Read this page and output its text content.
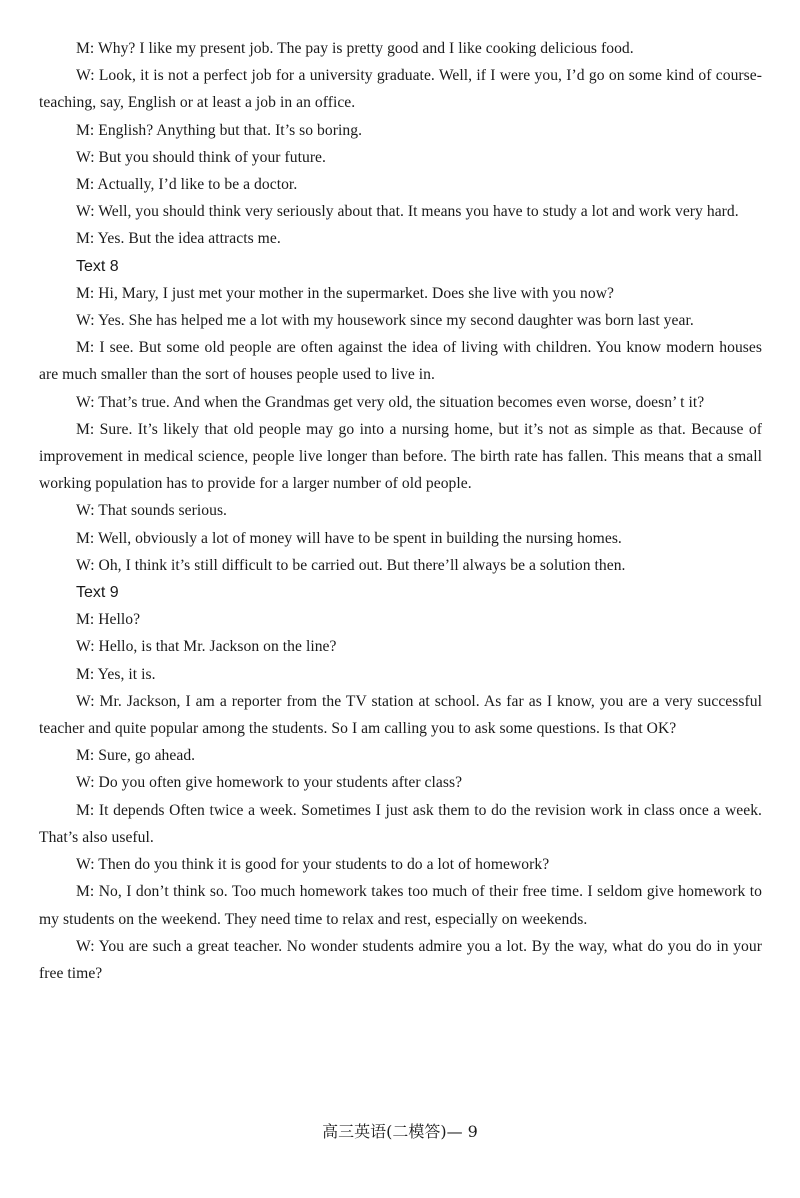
M: Why? I like my present job. The pay is pretty good and I like cooking delicious food.

W: Look, it is not a perfect job for a university graduate. Well, if I were you, I’d go on some kind of course-teaching, say, English or at least a job in an office.

M: English? Anything but that. It’s so boring.

W: But you should think of your future.

M: Actually, I’d like to be a doctor.

W: Well, you should think very seriously about that. It means you have to study a lot and work very hard.

M: Yes. But the idea attracts me.

Text 8

M: Hi, Mary, I just met your mother in the supermarket. Does she live with you now?

W: Yes. She has helped me a lot with my housework since my second daughter was born last year.

M: I see. But some old people are often against the idea of living with children. You know modern houses are much smaller than the sort of houses people used to live in.

W: That’s true. And when the Grandmas get very old, the situation becomes even worse, doesn’ t it?

M: Sure. It’s likely that old people may go into a nursing home, but it’s not as simple as that. Because of improvement in medical science, people live longer than before. The birth rate has fallen. This means that a small working population has to provide for a larger number of old people.

W: That sounds serious.

M: Well, obviously a lot of money will have to be spent in building the nursing homes.

W: Oh, I think it’s still difficult to be carried out. But there’ll always be a solution then.

Text 9

M: Hello?

W: Hello, is that Mr. Jackson on the line?

M: Yes, it is.

W: Mr. Jackson, I am a reporter from the TV station at school. As far as I know, you are a very successful teacher and quite popular among the students. So I am calling you to ask some questions. Is that OK?

M: Sure, go ahead.

W: Do you often give homework to your students after class?

M: It depends Often twice a week. Sometimes I just ask them to do the revision work in class once a week. That’s also useful.

W: Then do you think it is good for your students to do a lot of homework?

M: No, I don’t think so. Too much homework takes too much of their free time. I seldom give homework to my students on the weekend. They need time to relax and rest, especially on weekends.

W: You are such a great teacher. No wonder students admire you a lot. By the way, what do you do in your free time?

高三英语(二模答)— 9
